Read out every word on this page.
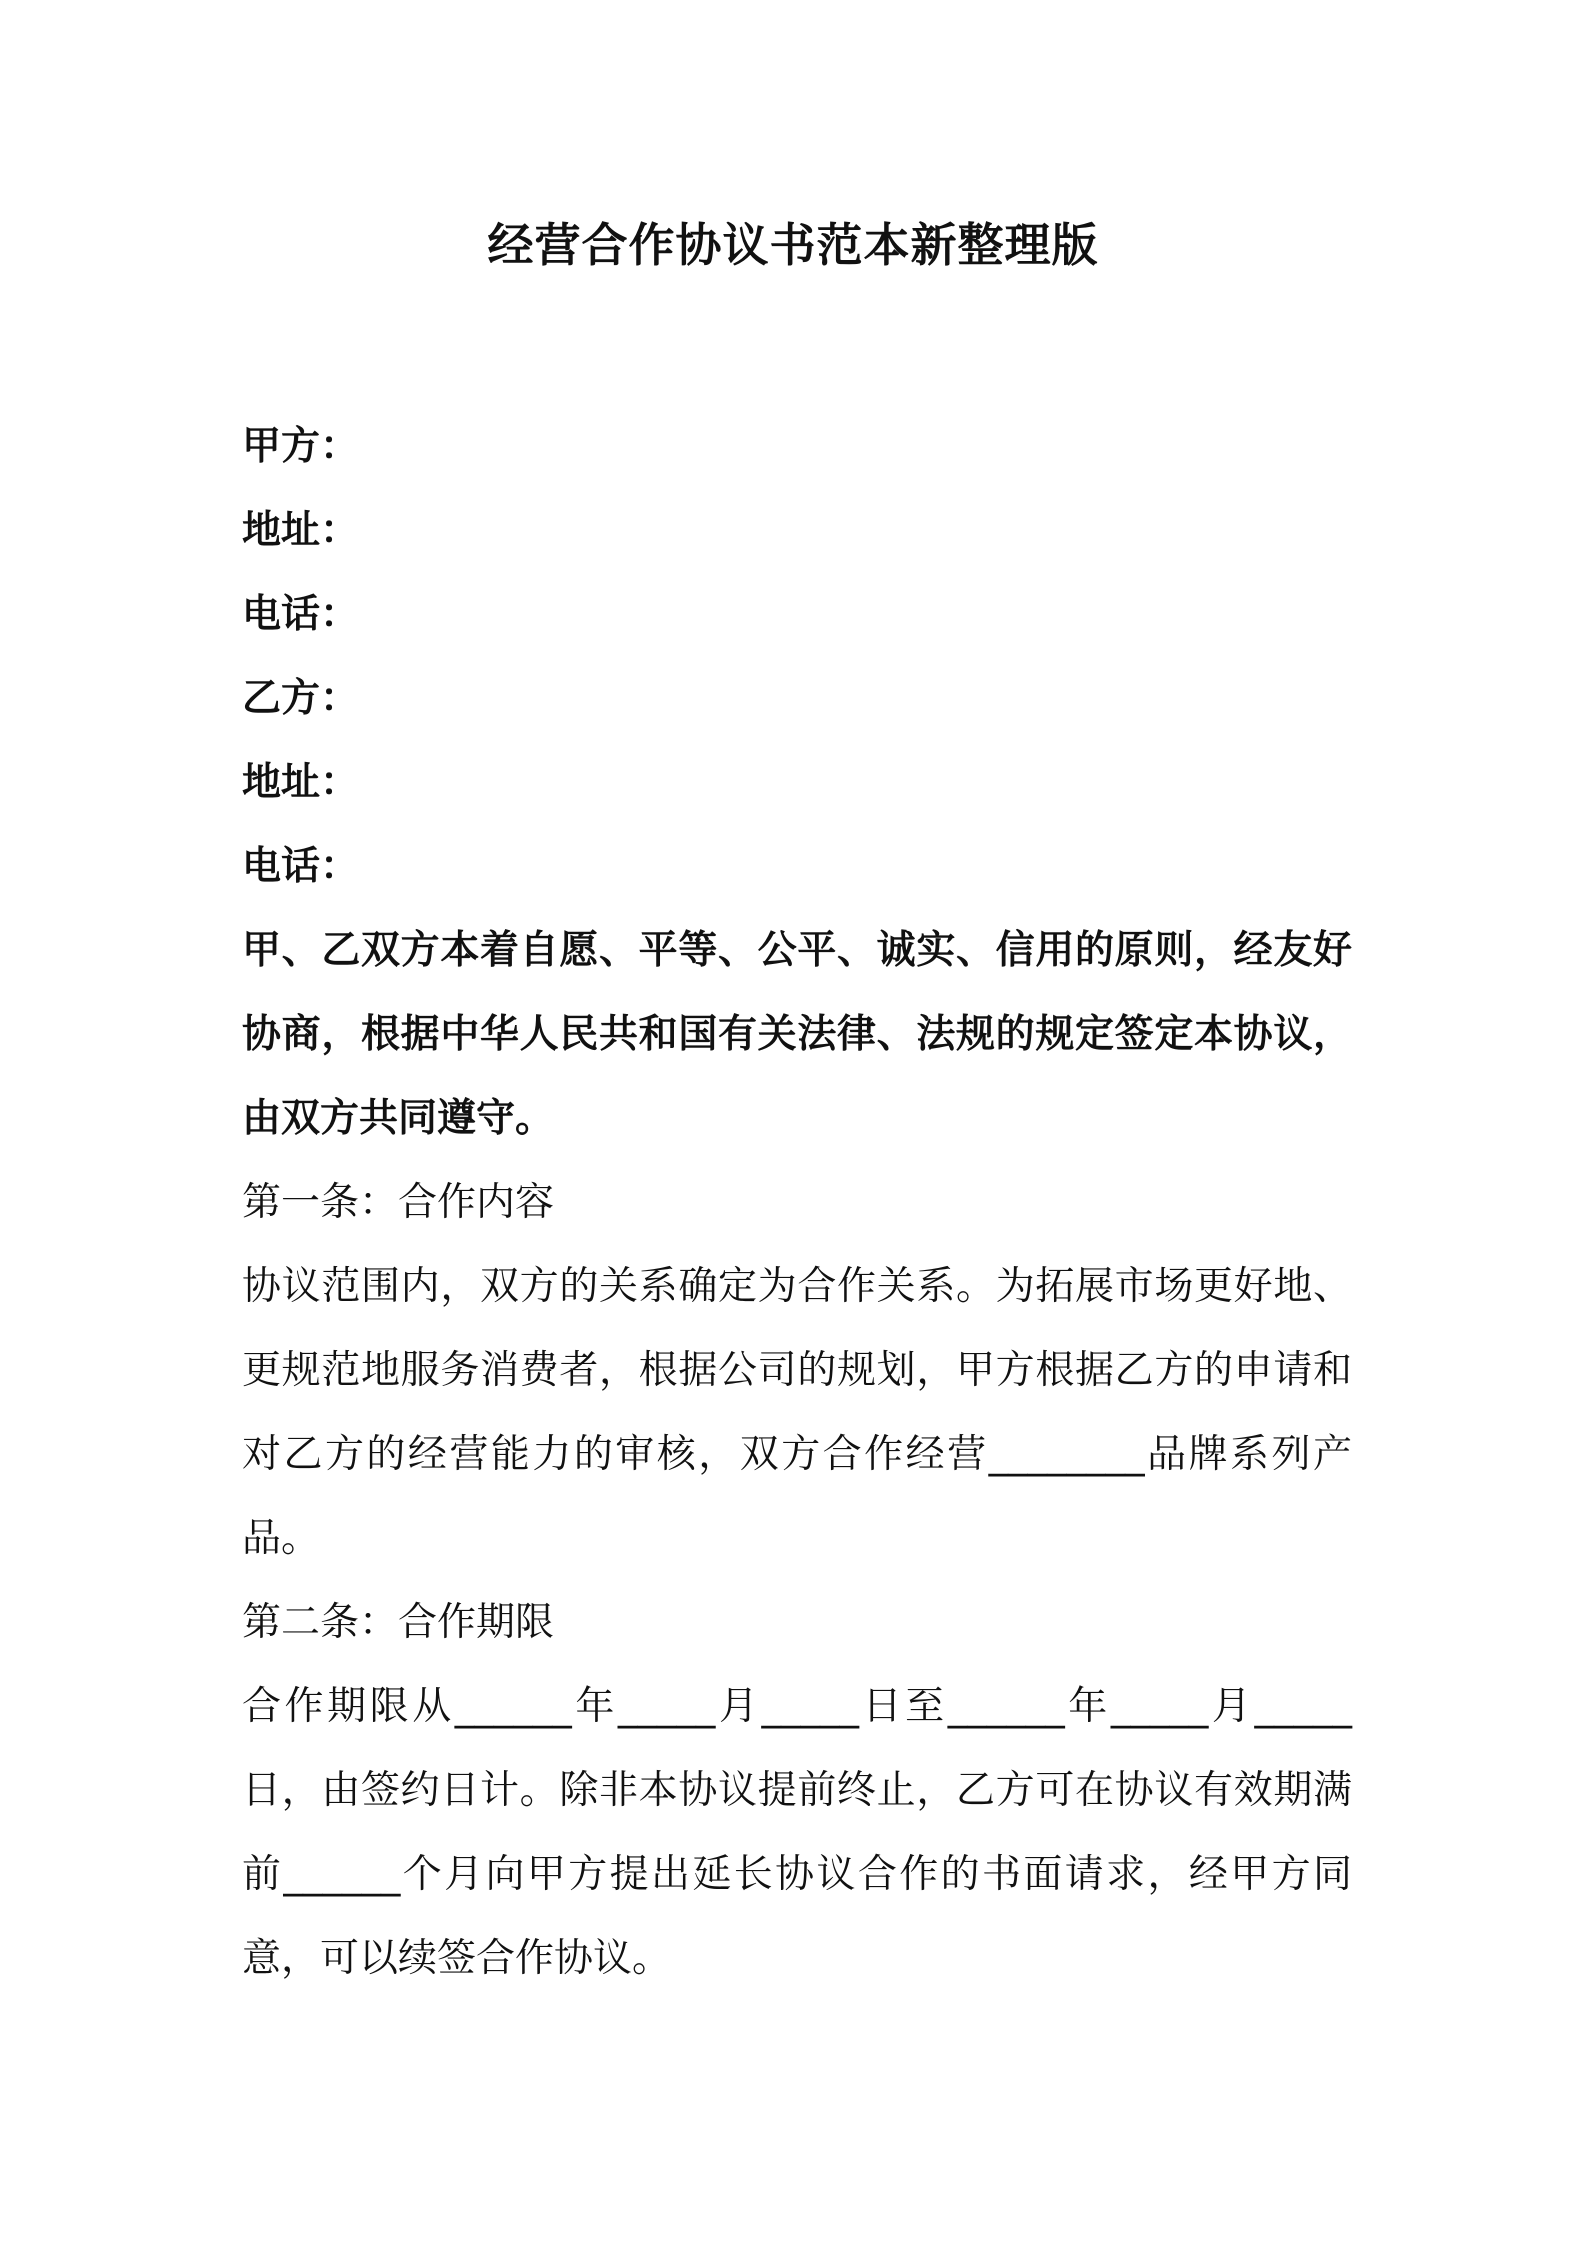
经营合作协议书范本新整理版

甲方：

地址：

电话：

乙方：

地址：

电话：

甲、乙双方本着自愿、平等、公平、诚实、信用的原则，经友好协商，根据中华人民共和国有关法律、法规的规定签定本协议，由双方共同遵守。

第一条：合作内容

协议范围内，双方的关系确定为合作关系。为拓展市场更好地、更规范地服务消费者，根据公司的规划，甲方根据乙方的申请和对乙方的经营能力的审核，双方合作经营________品牌系列产品。

第二条：合作期限

合作期限从______年_____月_____日至______年_____月_____日，由签约日计。除非本协议提前终止，乙方可在协议有效期满前______个月向甲方提出延长协议合作的书面请求，经甲方同意，可以续签合作协议。
